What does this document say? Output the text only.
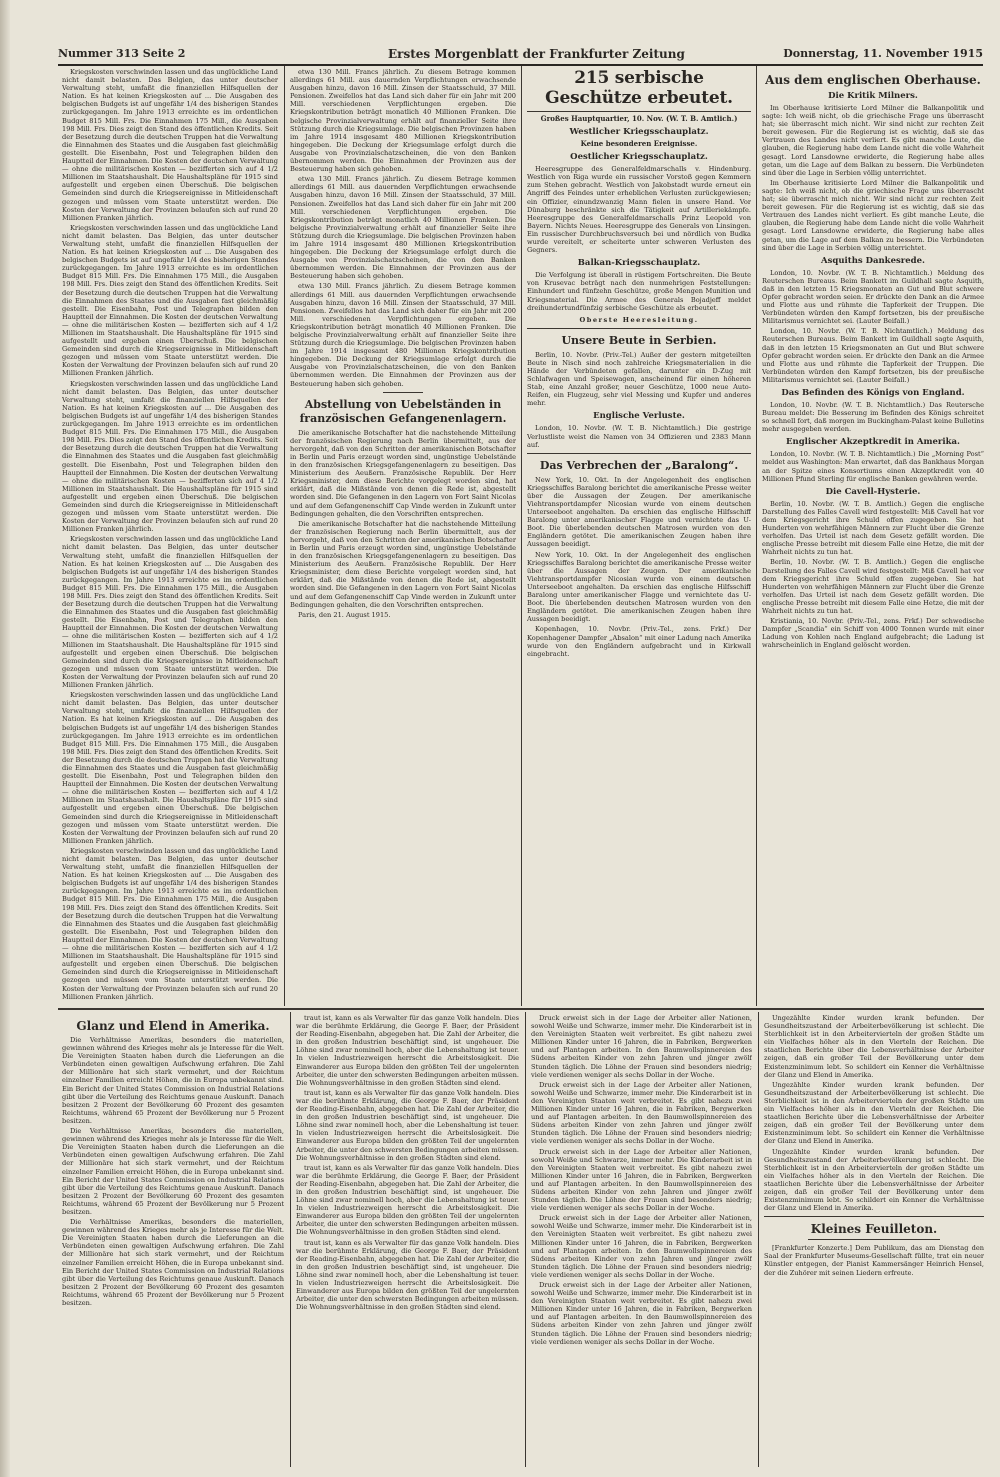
Nummer 313 Seite 2	Erstes Morgenblatt der Frankfurter Zeitung	Donnerstag, 11. November 1915

Kriegskosten verschwinden lassen und das unglückliche Land nicht damit belasten. Das Belgien, das unter deutscher Verwaltung steht, umfaßt die finanziellen Hilfsquellen der Nation. Es hat keinen Kriegskosten auf ... Die Ausgaben des belgischen Budgets ist auf ungefähr 1/4 des bisherigen Standes zurückgegangen. Im Jahre 1913 erreichte es im ordentlichen Budget 815 Mill. Frs. Die Einnahmen 175 Mill., die Ausgaben 198 Mill. Frs. Dies zeigt den Stand des öffentlichen Kredits. Seit der Besetzung durch die deutschen Truppen hat die Verwaltung die Einnahmen des Staates und die Ausgaben fast gleichmäßig gestellt. Die Eisenbahn, Post und Telegraphen bilden den Hauptteil der Einnahmen. Die Kosten der deutschen Verwaltung — ohne die militärischen Kosten — bezifferten sich auf 4 1/2 Millionen im Staatshaushalt. Die Haushaltspläne für 1915 sind aufgestellt und ergeben einen Überschuß. Die belgischen Gemeinden sind durch die Kriegsereignisse in Mitleidenschaft gezogen und müssen vom Staate unterstützt werden. Die Kosten der Verwaltung der Provinzen belaufen sich auf rund 20 Millionen Franken jährlich.

Kriegskosten verschwinden lassen und das unglückliche Land nicht damit belasten. Das Belgien, das unter deutscher Verwaltung steht, umfaßt die finanziellen Hilfsquellen der Nation. Es hat keinen Kriegskosten auf ... Die Ausgaben des belgischen Budgets ist auf ungefähr 1/4 des bisherigen Standes zurückgegangen. Im Jahre 1913 erreichte es im ordentlichen Budget 815 Mill. Frs. Die Einnahmen 175 Mill., die Ausgaben 198 Mill. Frs. Dies zeigt den Stand des öffentlichen Kredits. Seit der Besetzung durch die deutschen Truppen hat die Verwaltung die Einnahmen des Staates und die Ausgaben fast gleichmäßig gestellt. Die Eisenbahn, Post und Telegraphen bilden den Hauptteil der Einnahmen. Die Kosten der deutschen Verwaltung — ohne die militärischen Kosten — bezifferten sich auf 4 1/2 Millionen im Staatshaushalt. Die Haushaltspläne für 1915 sind aufgestellt und ergeben einen Überschuß. Die belgischen Gemeinden sind durch die Kriegsereignisse in Mitleidenschaft gezogen und müssen vom Staate unterstützt werden. Die Kosten der Verwaltung der Provinzen belaufen sich auf rund 20 Millionen Franken jährlich.

Kriegskosten verschwinden lassen und das unglückliche Land nicht damit belasten. Das Belgien, das unter deutscher Verwaltung steht, umfaßt die finanziellen Hilfsquellen der Nation. Es hat keinen Kriegskosten auf ... Die Ausgaben des belgischen Budgets ist auf ungefähr 1/4 des bisherigen Standes zurückgegangen. Im Jahre 1913 erreichte es im ordentlichen Budget 815 Mill. Frs. Die Einnahmen 175 Mill., die Ausgaben 198 Mill. Frs. Dies zeigt den Stand des öffentlichen Kredits. Seit der Besetzung durch die deutschen Truppen hat die Verwaltung die Einnahmen des Staates und die Ausgaben fast gleichmäßig gestellt. Die Eisenbahn, Post und Telegraphen bilden den Hauptteil der Einnahmen. Die Kosten der deutschen Verwaltung — ohne die militärischen Kosten — bezifferten sich auf 4 1/2 Millionen im Staatshaushalt. Die Haushaltspläne für 1915 sind aufgestellt und ergeben einen Überschuß. Die belgischen Gemeinden sind durch die Kriegsereignisse in Mitleidenschaft gezogen und müssen vom Staate unterstützt werden. Die Kosten der Verwaltung der Provinzen belaufen sich auf rund 20 Millionen Franken jährlich.

Kriegskosten verschwinden lassen und das unglückliche Land nicht damit belasten. Das Belgien, das unter deutscher Verwaltung steht, umfaßt die finanziellen Hilfsquellen der Nation. Es hat keinen Kriegskosten auf ... Die Ausgaben des belgischen Budgets ist auf ungefähr 1/4 des bisherigen Standes zurückgegangen. Im Jahre 1913 erreichte es im ordentlichen Budget 815 Mill. Frs. Die Einnahmen 175 Mill., die Ausgaben 198 Mill. Frs. Dies zeigt den Stand des öffentlichen Kredits. Seit der Besetzung durch die deutschen Truppen hat die Verwaltung die Einnahmen des Staates und die Ausgaben fast gleichmäßig gestellt. Die Eisenbahn, Post und Telegraphen bilden den Hauptteil der Einnahmen. Die Kosten der deutschen Verwaltung — ohne die militärischen Kosten — bezifferten sich auf 4 1/2 Millionen im Staatshaushalt. Die Haushaltspläne für 1915 sind aufgestellt und ergeben einen Überschuß. Die belgischen Gemeinden sind durch die Kriegsereignisse in Mitleidenschaft gezogen und müssen vom Staate unterstützt werden. Die Kosten der Verwaltung der Provinzen belaufen sich auf rund 20 Millionen Franken jährlich.

Kriegskosten verschwinden lassen und das unglückliche Land nicht damit belasten. Das Belgien, das unter deutscher Verwaltung steht, umfaßt die finanziellen Hilfsquellen der Nation. Es hat keinen Kriegskosten auf ... Die Ausgaben des belgischen Budgets ist auf ungefähr 1/4 des bisherigen Standes zurückgegangen. Im Jahre 1913 erreichte es im ordentlichen Budget 815 Mill. Frs. Die Einnahmen 175 Mill., die Ausgaben 198 Mill. Frs. Dies zeigt den Stand des öffentlichen Kredits. Seit der Besetzung durch die deutschen Truppen hat die Verwaltung die Einnahmen des Staates und die Ausgaben fast gleichmäßig gestellt. Die Eisenbahn, Post und Telegraphen bilden den Hauptteil der Einnahmen. Die Kosten der deutschen Verwaltung — ohne die militärischen Kosten — bezifferten sich auf 4 1/2 Millionen im Staatshaushalt. Die Haushaltspläne für 1915 sind aufgestellt und ergeben einen Überschuß. Die belgischen Gemeinden sind durch die Kriegsereignisse in Mitleidenschaft gezogen und müssen vom Staate unterstützt werden. Die Kosten der Verwaltung der Provinzen belaufen sich auf rund 20 Millionen Franken jährlich.

Kriegskosten verschwinden lassen und das unglückliche Land nicht damit belasten. Das Belgien, das unter deutscher Verwaltung steht, umfaßt die finanziellen Hilfsquellen der Nation. Es hat keinen Kriegskosten auf ... Die Ausgaben des belgischen Budgets ist auf ungefähr 1/4 des bisherigen Standes zurückgegangen. Im Jahre 1913 erreichte es im ordentlichen Budget 815 Mill. Frs. Die Einnahmen 175 Mill., die Ausgaben 198 Mill. Frs. Dies zeigt den Stand des öffentlichen Kredits. Seit der Besetzung durch die deutschen Truppen hat die Verwaltung die Einnahmen des Staates und die Ausgaben fast gleichmäßig gestellt. Die Eisenbahn, Post und Telegraphen bilden den Hauptteil der Einnahmen. Die Kosten der deutschen Verwaltung — ohne die militärischen Kosten — bezifferten sich auf 4 1/2 Millionen im Staatshaushalt. Die Haushaltspläne für 1915 sind aufgestellt und ergeben einen Überschuß. Die belgischen Gemeinden sind durch die Kriegsereignisse in Mitleidenschaft gezogen und müssen vom Staate unterstützt werden. Die Kosten der Verwaltung der Provinzen belaufen sich auf rund 20 Millionen Franken jährlich.

etwa 130 Mill. Francs jährlich. Zu diesem Betrage kommen allerdings 61 Mill. aus dauernden Verpflichtungen erwachsende Ausgaben hinzu, davon 16 Mill. Zinsen der Staatsschuld, 37 Mill. Pensionen. Zweifellos hat das Land sich daher für ein Jahr mit 200 Mill. verschiedenen Verpflichtungen ergeben. Die Kriegskontribution beträgt monatlich 40 Millionen Franken. Die belgische Provinzialverwaltung erhält auf finanzieller Seite ihre Stützung durch die Kriegsumlage. Die belgischen Provinzen haben im Jahre 1914 insgesamt 480 Millionen Kriegskontribution hingegeben. Die Deckung der Kriegsumlage erfolgt durch die Ausgabe von Provinzialschatzscheinen, die von den Banken übernommen werden. Die Einnahmen der Provinzen aus der Besteuerung haben sich gehoben.

etwa 130 Mill. Francs jährlich. Zu diesem Betrage kommen allerdings 61 Mill. aus dauernden Verpflichtungen erwachsende Ausgaben hinzu, davon 16 Mill. Zinsen der Staatsschuld, 37 Mill. Pensionen. Zweifellos hat das Land sich daher für ein Jahr mit 200 Mill. verschiedenen Verpflichtungen ergeben. Die Kriegskontribution beträgt monatlich 40 Millionen Franken. Die belgische Provinzialverwaltung erhält auf finanzieller Seite ihre Stützung durch die Kriegsumlage. Die belgischen Provinzen haben im Jahre 1914 insgesamt 480 Millionen Kriegskontribution hingegeben. Die Deckung der Kriegsumlage erfolgt durch die Ausgabe von Provinzialschatzscheinen, die von den Banken übernommen werden. Die Einnahmen der Provinzen aus der Besteuerung haben sich gehoben.

etwa 130 Mill. Francs jährlich. Zu diesem Betrage kommen allerdings 61 Mill. aus dauernden Verpflichtungen erwachsende Ausgaben hinzu, davon 16 Mill. Zinsen der Staatsschuld, 37 Mill. Pensionen. Zweifellos hat das Land sich daher für ein Jahr mit 200 Mill. verschiedenen Verpflichtungen ergeben. Die Kriegskontribution beträgt monatlich 40 Millionen Franken. Die belgische Provinzialverwaltung erhält auf finanzieller Seite ihre Stützung durch die Kriegsumlage. Die belgischen Provinzen haben im Jahre 1914 insgesamt 480 Millionen Kriegskontribution hingegeben. Die Deckung der Kriegsumlage erfolgt durch die Ausgabe von Provinzialschatzscheinen, die von den Banken übernommen werden. Die Einnahmen der Provinzen aus der Besteuerung haben sich gehoben.

Abstellung von Uebelständen in französischen Gefangenenlagern.

Die amerikanische Botschafter hat die nachstehende Mitteilung der französischen Regierung nach Berlin übermittelt, aus der hervorgeht, daß von den Schritten der amerikanischen Botschafter in Berlin und Paris erzeugt worden sind, ungünstige Uebelstände in den französischen Kriegsgefangenenlagern zu beseitigen. Das Ministerium des Aeußern. Französische Republik. Der Herr Kriegsminister, dem diese Berichte vorgelegt worden sind, hat erklärt, daß die Mißstände von denen die Rede ist, abgestellt worden sind. Die Gefangenen in den Lagern von Fort Saint Nicolas und auf dem Gefangenenschiff Cap Vinde werden in Zukunft unter Bedingungen gehalten, die den Vorschriften entsprechen.

Die amerikanische Botschafter hat die nachstehende Mitteilung der französischen Regierung nach Berlin übermittelt, aus der hervorgeht, daß von den Schritten der amerikanischen Botschafter in Berlin und Paris erzeugt worden sind, ungünstige Uebelstände in den französischen Kriegsgefangenenlagern zu beseitigen. Das Ministerium des Aeußern. Französische Republik. Der Herr Kriegsminister, dem diese Berichte vorgelegt worden sind, hat erklärt, daß die Mißstände von denen die Rede ist, abgestellt worden sind. Die Gefangenen in den Lagern von Fort Saint Nicolas und auf dem Gefangenenschiff Cap Vinde werden in Zukunft unter Bedingungen gehalten, die den Vorschriften entsprechen.

Paris, den 21. August 1915.

215 serbische Geschütze erbeutet.
Großes Hauptquartier, 10. Nov. (W. T. B. Amtlich.)
Westlicher Kriegsschauplatz.
Keine besonderen Ereignisse.
Oestlicher Kriegsschauplatz.

Heeresgruppe des Generalfeldmarschalls v. Hindenburg. Westlich von Riga wurde ein russischer Vorstoß gegen Kemmern zum Stehen gebracht. Westlich von Jakobstadt wurde erneut ein Angriff des Feindes unter erheblichen Verlusten zurückgewiesen; ein Offizier, einundzwanzig Mann fielen in unsere Hand. Vor Dünaburg beschränkte sich die Tätigkeit auf Artilleriekämpfe. Heeresgruppe des Generalfeldmarschalls Prinz Leopold von Bayern. Nichts Neues. Heeresgruppe des Generals von Linsingen. Ein russischer Durchbruchsversuch bei und nördlich von Budka wurde vereitelt, er scheiterte unter schweren Verlusten des Gegners.

Balkan-Kriegsschauplatz.

Die Verfolgung ist überall in rüstigem Fortschreiten. Die Beute von Krusevac beträgt nach den nunmehrigen Feststellungen: Einhundert und fünfzehn Geschütze, große Mengen Munition und Kriegsmaterial. Die Armee des Generals Bojadjeff meldet dreihundertundfünfzig serbische Geschütze als erbeutet.

Oberste Heeresleitung.
Unsere Beute in Serbien.

Berlin, 10. Novbr. (Priv.-Tel.) Außer der gestern mitgeteilten Beute in Nisch sind noch zahlreiche Kriegsmaterialien in die Hände der Verbündeten gefallen, darunter ein D-Zug mit Schlafwagen und Speisewagen, anscheinend für einen höheren Stab, eine Anzahl großer, neuer Geschütze, 1000 neue Auto-Reifen, ein Flugzeug, sehr viel Messing und Kupfer und anderes mehr.

Englische Verluste.

London, 10. Novbr. (W. T. B. Nichtamtlich.) Die gestrige Verlustliste weist die Namen von 34 Offizieren und 2383 Mann auf.

Das Verbrechen der „Baralong“.

New York, 10. Okt. In der Angelegenheit des englischen Kriegsschiffes Baralong berichtet die amerikanische Presse weiter über die Aussagen der Zeugen. Der amerikanische Viehtransportdampfer Nicosian wurde von einem deutschen Unterseeboot angehalten. Da erschien das englische Hilfsschiff Baralong unter amerikanischer Flagge und vernichtete das U-Boot. Die überlebenden deutschen Matrosen wurden von den Engländern getötet. Die amerikanischen Zeugen haben ihre Aussagen beeidigt.

New York, 10. Okt. In der Angelegenheit des englischen Kriegsschiffes Baralong berichtet die amerikanische Presse weiter über die Aussagen der Zeugen. Der amerikanische Viehtransportdampfer Nicosian wurde von einem deutschen Unterseeboot angehalten. Da erschien das englische Hilfsschiff Baralong unter amerikanischer Flagge und vernichtete das U-Boot. Die überlebenden deutschen Matrosen wurden von den Engländern getötet. Die amerikanischen Zeugen haben ihre Aussagen beeidigt.

Kopenhagen, 10. Novbr. (Priv.-Tel., zens. Frkf.) Der Kopenhagener Dampfer „Absalon“ mit einer Ladung nach Amerika wurde von den Engländern aufgebracht und in Kirkwall eingebracht.

Aus dem englischen Oberhause.
Die Kritik Milners.

Im Oberhause kritisierte Lord Milner die Balkanpolitik und sagte: Ich weiß nicht, ob die griechische Frage uns überrascht hat; sie überrascht mich nicht. Wir sind nicht zur rechten Zeit bereit gewesen. Für die Regierung ist es wichtig, daß sie das Vertrauen des Landes nicht verliert. Es gibt manche Leute, die glauben, die Regierung habe dem Lande nicht die volle Wahrheit gesagt. Lord Lansdowne erwiderte, die Regierung habe alles getan, um die Lage auf dem Balkan zu bessern. Die Verbündeten sind über die Lage in Serbien völlig unterrichtet.

Im Oberhause kritisierte Lord Milner die Balkanpolitik und sagte: Ich weiß nicht, ob die griechische Frage uns überrascht hat; sie überrascht mich nicht. Wir sind nicht zur rechten Zeit bereit gewesen. Für die Regierung ist es wichtig, daß sie das Vertrauen des Landes nicht verliert. Es gibt manche Leute, die glauben, die Regierung habe dem Lande nicht die volle Wahrheit gesagt. Lord Lansdowne erwiderte, die Regierung habe alles getan, um die Lage auf dem Balkan zu bessern. Die Verbündeten sind über die Lage in Serbien völlig unterrichtet.

Asquiths Dankesrede.

London, 10. Novbr. (W. T. B. Nichtamtlich.) Meldung des Reuterschen Bureaus. Beim Bankett im Guildhall sagte Asquith, daß in den letzten 15 Kriegsmonaten an Gut und Blut schwere Opfer gebracht worden seien. Er drückte den Dank an die Armee und Flotte aus und rühmte die Tapferkeit der Truppen. Die Verbündeten würden den Kampf fortsetzen, bis der preußische Militarismus vernichtet sei. (Lauter Beifall.)

London, 10. Novbr. (W. T. B. Nichtamtlich.) Meldung des Reuterschen Bureaus. Beim Bankett im Guildhall sagte Asquith, daß in den letzten 15 Kriegsmonaten an Gut und Blut schwere Opfer gebracht worden seien. Er drückte den Dank an die Armee und Flotte aus und rühmte die Tapferkeit der Truppen. Die Verbündeten würden den Kampf fortsetzen, bis der preußische Militarismus vernichtet sei. (Lauter Beifall.)

Das Befinden des Königs von England.

London, 10. Novbr. (W. T. B. Nichtamtlich.) Das Reutersche Bureau meldet: Die Besserung im Befinden des Königs schreitet so schnell fort, daß morgen im Buckingham-Palast keine Bulletins mehr ausgegeben werden.

Englischer Akzeptkredit in Amerika.

London, 10. Novbr. (W. T. B. Nichtamtlich.) Die „Morning Post“ meldet aus Washington: Man erwartet, daß das Bankhaus Morgan an der Spitze eines Konsortiums einen Akzeptkredit von 40 Millionen Pfund Sterling für englische Banken gewähren werde.

Die Cavell-Hysterie.

Berlin, 10. Novbr. (W. T. B. Amtlich.) Gegen die englische Darstellung des Falles Cavell wird festgestellt: Miß Cavell hat vor dem Kriegsgericht ihre Schuld offen zugegeben. Sie hat Hunderten von wehrfähigen Männern zur Flucht über die Grenze verholfen. Das Urteil ist nach dem Gesetz gefällt worden. Die englische Presse betreibt mit diesem Falle eine Hetze, die mit der Wahrheit nichts zu tun hat.

Berlin, 10. Novbr. (W. T. B. Amtlich.) Gegen die englische Darstellung des Falles Cavell wird festgestellt: Miß Cavell hat vor dem Kriegsgericht ihre Schuld offen zugegeben. Sie hat Hunderten von wehrfähigen Männern zur Flucht über die Grenze verholfen. Das Urteil ist nach dem Gesetz gefällt worden. Die englische Presse betreibt mit diesem Falle eine Hetze, die mit der Wahrheit nichts zu tun hat.

Kristiania, 10. Novbr. (Priv.-Tel., zens. Frkf.) Der schwedische Dampfer „Scandia“ ein Schiff von 4000 Tonnen wurde mit einer Ladung von Kohlen nach England aufgebracht; die Ladung ist wahrscheinlich in England gelöscht worden.

Glanz und Elend in Amerika.

Die Verhältnisse Amerikas, besonders die materiellen, gewinnen während des Krieges mehr als je Interesse für die Welt. Die Vereinigten Staaten haben durch die Lieferungen an die Verbündeten einen gewaltigen Aufschwung erfahren. Die Zahl der Millionäre hat sich stark vermehrt, und der Reichtum einzelner Familien erreicht Höhen, die in Europa unbekannt sind. Ein Bericht der United States Commission on Industrial Relations gibt über die Verteilung des Reichtums genaue Auskunft. Danach besitzen 2 Prozent der Bevölkerung 60 Prozent des gesamten Reichtums, während 65 Prozent der Bevölkerung nur 5 Prozent besitzen.

Die Verhältnisse Amerikas, besonders die materiellen, gewinnen während des Krieges mehr als je Interesse für die Welt. Die Vereinigten Staaten haben durch die Lieferungen an die Verbündeten einen gewaltigen Aufschwung erfahren. Die Zahl der Millionäre hat sich stark vermehrt, und der Reichtum einzelner Familien erreicht Höhen, die in Europa unbekannt sind. Ein Bericht der United States Commission on Industrial Relations gibt über die Verteilung des Reichtums genaue Auskunft. Danach besitzen 2 Prozent der Bevölkerung 60 Prozent des gesamten Reichtums, während 65 Prozent der Bevölkerung nur 5 Prozent besitzen.

Die Verhältnisse Amerikas, besonders die materiellen, gewinnen während des Krieges mehr als je Interesse für die Welt. Die Vereinigten Staaten haben durch die Lieferungen an die Verbündeten einen gewaltigen Aufschwung erfahren. Die Zahl der Millionäre hat sich stark vermehrt, und der Reichtum einzelner Familien erreicht Höhen, die in Europa unbekannt sind. Ein Bericht der United States Commission on Industrial Relations gibt über die Verteilung des Reichtums genaue Auskunft. Danach besitzen 2 Prozent der Bevölkerung 60 Prozent des gesamten Reichtums, während 65 Prozent der Bevölkerung nur 5 Prozent besitzen.

traut ist, kann es als Verwalter für das ganze Volk handeln. Dies war die berühmte Erklärung, die George F. Baer, der Präsident der Reading-Eisenbahn, abgegeben hat. Die Zahl der Arbeiter, die in den großen Industrien beschäftigt sind, ist ungeheuer. Die Löhne sind zwar nominell hoch, aber die Lebenshaltung ist teuer. In vielen Industriezweigen herrscht die Arbeitslosigkeit. Die Einwanderer aus Europa bilden den größten Teil der ungelernten Arbeiter, die unter den schwersten Bedingungen arbeiten müssen. Die Wohnungsverhältnisse in den großen Städten sind elend.

traut ist, kann es als Verwalter für das ganze Volk handeln. Dies war die berühmte Erklärung, die George F. Baer, der Präsident der Reading-Eisenbahn, abgegeben hat. Die Zahl der Arbeiter, die in den großen Industrien beschäftigt sind, ist ungeheuer. Die Löhne sind zwar nominell hoch, aber die Lebenshaltung ist teuer. In vielen Industriezweigen herrscht die Arbeitslosigkeit. Die Einwanderer aus Europa bilden den größten Teil der ungelernten Arbeiter, die unter den schwersten Bedingungen arbeiten müssen. Die Wohnungsverhältnisse in den großen Städten sind elend.

traut ist, kann es als Verwalter für das ganze Volk handeln. Dies war die berühmte Erklärung, die George F. Baer, der Präsident der Reading-Eisenbahn, abgegeben hat. Die Zahl der Arbeiter, die in den großen Industrien beschäftigt sind, ist ungeheuer. Die Löhne sind zwar nominell hoch, aber die Lebenshaltung ist teuer. In vielen Industriezweigen herrscht die Arbeitslosigkeit. Die Einwanderer aus Europa bilden den größten Teil der ungelernten Arbeiter, die unter den schwersten Bedingungen arbeiten müssen. Die Wohnungsverhältnisse in den großen Städten sind elend.

traut ist, kann es als Verwalter für das ganze Volk handeln. Dies war die berühmte Erklärung, die George F. Baer, der Präsident der Reading-Eisenbahn, abgegeben hat. Die Zahl der Arbeiter, die in den großen Industrien beschäftigt sind, ist ungeheuer. Die Löhne sind zwar nominell hoch, aber die Lebenshaltung ist teuer. In vielen Industriezweigen herrscht die Arbeitslosigkeit. Die Einwanderer aus Europa bilden den größten Teil der ungelernten Arbeiter, die unter den schwersten Bedingungen arbeiten müssen. Die Wohnungsverhältnisse in den großen Städten sind elend.

Druck erweist sich in der Lage der Arbeiter aller Nationen, sowohl Weiße und Schwarze, immer mehr. Die Kinderarbeit ist in den Vereinigten Staaten weit verbreitet. Es gibt nahezu zwei Millionen Kinder unter 16 Jahren, die in Fabriken, Bergwerken und auf Plantagen arbeiten. In den Baumwollspinnereien des Südens arbeiten Kinder von zehn Jahren und jünger zwölf Stunden täglich. Die Löhne der Frauen sind besonders niedrig; viele verdienen weniger als sechs Dollar in der Woche.

Druck erweist sich in der Lage der Arbeiter aller Nationen, sowohl Weiße und Schwarze, immer mehr. Die Kinderarbeit ist in den Vereinigten Staaten weit verbreitet. Es gibt nahezu zwei Millionen Kinder unter 16 Jahren, die in Fabriken, Bergwerken und auf Plantagen arbeiten. In den Baumwollspinnereien des Südens arbeiten Kinder von zehn Jahren und jünger zwölf Stunden täglich. Die Löhne der Frauen sind besonders niedrig; viele verdienen weniger als sechs Dollar in der Woche.

Druck erweist sich in der Lage der Arbeiter aller Nationen, sowohl Weiße und Schwarze, immer mehr. Die Kinderarbeit ist in den Vereinigten Staaten weit verbreitet. Es gibt nahezu zwei Millionen Kinder unter 16 Jahren, die in Fabriken, Bergwerken und auf Plantagen arbeiten. In den Baumwollspinnereien des Südens arbeiten Kinder von zehn Jahren und jünger zwölf Stunden täglich. Die Löhne der Frauen sind besonders niedrig; viele verdienen weniger als sechs Dollar in der Woche.

Druck erweist sich in der Lage der Arbeiter aller Nationen, sowohl Weiße und Schwarze, immer mehr. Die Kinderarbeit ist in den Vereinigten Staaten weit verbreitet. Es gibt nahezu zwei Millionen Kinder unter 16 Jahren, die in Fabriken, Bergwerken und auf Plantagen arbeiten. In den Baumwollspinnereien des Südens arbeiten Kinder von zehn Jahren und jünger zwölf Stunden täglich. Die Löhne der Frauen sind besonders niedrig; viele verdienen weniger als sechs Dollar in der Woche.

Druck erweist sich in der Lage der Arbeiter aller Nationen, sowohl Weiße und Schwarze, immer mehr. Die Kinderarbeit ist in den Vereinigten Staaten weit verbreitet. Es gibt nahezu zwei Millionen Kinder unter 16 Jahren, die in Fabriken, Bergwerken und auf Plantagen arbeiten. In den Baumwollspinnereien des Südens arbeiten Kinder von zehn Jahren und jünger zwölf Stunden täglich. Die Löhne der Frauen sind besonders niedrig; viele verdienen weniger als sechs Dollar in der Woche.

Ungezählte Kinder wurden krank befunden. Der Gesundheitszustand der Arbeiterbevölkerung ist schlecht. Die Sterblichkeit ist in den Arbeitervierteln der großen Städte um ein Vielfaches höher als in den Vierteln der Reichen. Die staatlichen Berichte über die Lebensverhältnisse der Arbeiter zeigen, daß ein großer Teil der Bevölkerung unter dem Existenzminimum lebt. So schildert ein Kenner die Verhältnisse der Glanz und Elend in Amerika.

Ungezählte Kinder wurden krank befunden. Der Gesundheitszustand der Arbeiterbevölkerung ist schlecht. Die Sterblichkeit ist in den Arbeitervierteln der großen Städte um ein Vielfaches höher als in den Vierteln der Reichen. Die staatlichen Berichte über die Lebensverhältnisse der Arbeiter zeigen, daß ein großer Teil der Bevölkerung unter dem Existenzminimum lebt. So schildert ein Kenner die Verhältnisse der Glanz und Elend in Amerika.

Ungezählte Kinder wurden krank befunden. Der Gesundheitszustand der Arbeiterbevölkerung ist schlecht. Die Sterblichkeit ist in den Arbeitervierteln der großen Städte um ein Vielfaches höher als in den Vierteln der Reichen. Die staatlichen Berichte über die Lebensverhältnisse der Arbeiter zeigen, daß ein großer Teil der Bevölkerung unter dem Existenzminimum lebt. So schildert ein Kenner die Verhältnisse der Glanz und Elend in Amerika.

Kleines Feuilleton.

[Frankfurter Konzerte.] Dem Publikum, das am Dienstag den Saal der Frankfurter Museums-Gesellschaft füllte, trat ein neuer Künstler entgegen, der Pianist Kammersänger Heinrich Hensel, der die Zuhörer mit seinen Liedern erfreute.
